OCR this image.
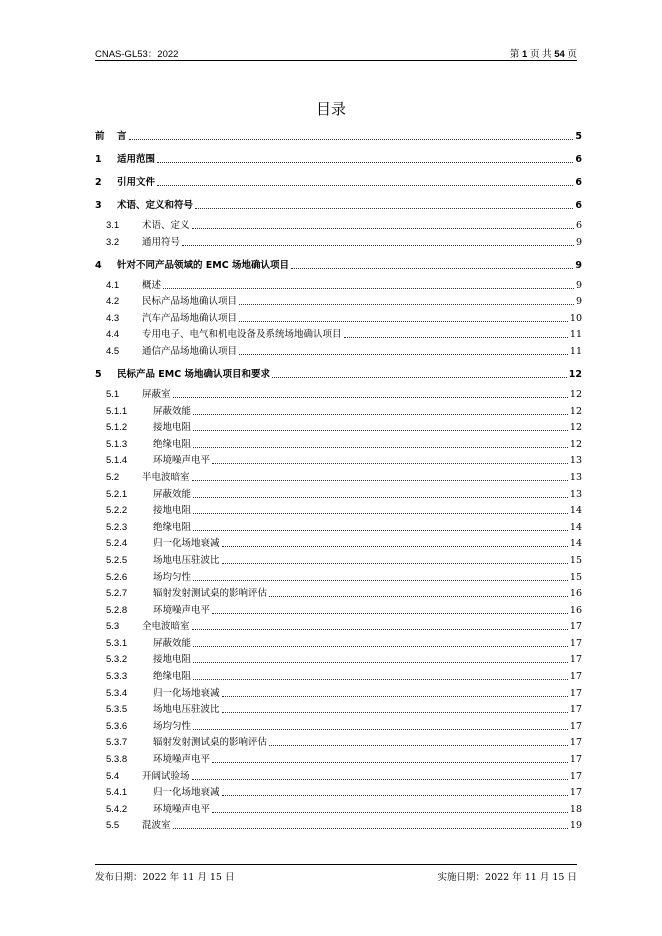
CNAS-GL53：2022	第 1 页 共 54 页
目录
前	言	5
1	适用范围	6
2	引用文件	6
3	术语、定义和符号	6
3.1	术语、定义	6
3.2	通用符号	9
4	针对不同产品领域的 EMC 场地确认项目	9
4.1	概述	9
4.2	民标产品场地确认项目	9
4.3	汽车产品场地确认项目	10
4.4	专用电子、电气和机电设备及系统场地确认项目	11
4.5	通信产品场地确认项目	11
5	民标产品 EMC 场地确认项目和要求	12
5.1	屏蔽室	12
5.1.1	屏蔽效能	12
5.1.2	接地电阻	12
5.1.3	绝缘电阻	12
5.1.4	环境噪声电平	13
5.2	半电波暗室	13
5.2.1	屏蔽效能	13
5.2.2	接地电阻	14
5.2.3	绝缘电阻	14
5.2.4	归一化场地衰减	14
5.2.5	场地电压驻波比	15
5.2.6	场均匀性	15
5.2.7	辐射发射测试桌的影响评估	16
5.2.8	环境噪声电平	16
5.3	全电波暗室	17
5.3.1	屏蔽效能	17
5.3.2	接地电阻	17
5.3.3	绝缘电阻	17
5.3.4	归一化场地衰减	17
5.3.5	场地电压驻波比	17
5.3.6	场均匀性	17
5.3.7	辐射发射测试桌的影响评估	17
5.3.8	环境噪声电平	17
5.4	开阔试验场	17
5.4.1	归一化场地衰减	17
5.4.2	环境噪声电平	18
5.5	混波室	19
发布日期：2022 年 11 月 15 日	实施日期：2022 年 11 月 15 日
